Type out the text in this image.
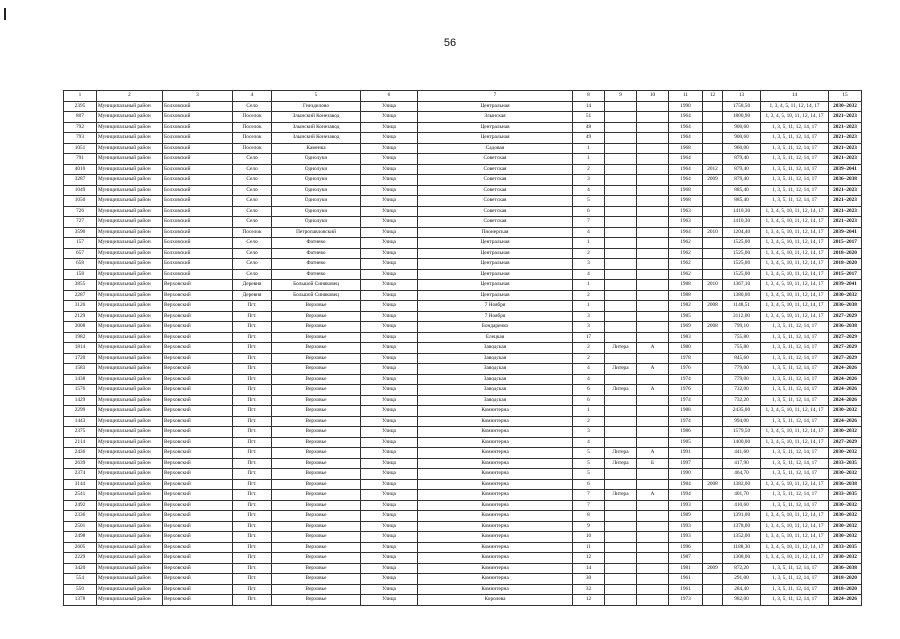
56
1	2	3	4	5	6	7	8	9	10	11	12	13	14	15
2395	Муниципальный район	Болховский	Село	Гнездилово	Улица	Центральная	14			1990		1758,50	1, 3, 4, 5, 11, 12, 14, 17	2030–2032
807	Муниципальный район	Болховский	Поселок	Злынский Конезавод	Улица	Злынская	51			1964		1800,90	1, 3, 4, 5, 10, 11, 12, 14, 17	2021–2023
792	Муниципальный район	Болховский	Поселок	Злынский Конезавод	Улица	Центральная	48			1964		900,60	1, 3, 5, 11, 12, 14, 17	2021–2023
793	Муниципальный район	Болховский	Поселок	Злынский Конезавод	Улица	Центральная	49			1964		900,60	1, 3, 5, 11, 12, 14, 17	2021–2023
1051	Муниципальный район	Болховский	Поселок	Каменка	Улица	Садовая	1			1968		960,00	1, 3, 5, 11, 12, 14, 17	2021–2023
791	Муниципальный район	Болховский	Село	Однолуки	Улица	Советская	1			1964		879,40	1, 3, 5, 11, 12, 14, 17	2021–2023
4010	Муниципальный район	Болховский	Село	Однолуки	Улица	Советская	2			1964	2012	879,40	1, 3, 5, 11, 12, 14, 17	2039–2041
3287	Муниципальный район	Болховский	Село	Однолуки	Улица	Советская	3			1964	2009	879,40	1, 3, 5, 11, 12, 14, 17	2036–2038
1049	Муниципальный район	Болховский	Село	Однолуки	Улица	Советская	4			1968		885,40	1, 3, 5, 11, 12, 14, 17	2021–2023
1050	Муниципальный район	Болховский	Село	Однолуки	Улица	Советская	5			1968		885,40	1, 3, 5, 11, 12, 14, 17	2021–2023
726	Муниципальный район	Болховский	Село	Однолуки	Улица	Советская	6			1963		1410,30	1, 3, 4, 5, 10, 11, 12, 14, 17	2021–2023
727	Муниципальный район	Болховский	Село	Однолуки	Улица	Советская	7			1963		1410,30	1, 3, 4, 5, 10, 11, 12, 14, 17	2021–2023
3590	Муниципальный район	Болховский	Поселок	Петропавловский	Улица	Пионерская	4			1964	2010	1204,40	1, 3, 4, 5, 10, 11, 12, 14, 17	2039–2041
157	Муниципальный район	Болховский	Село	Фатнево	Улица	Центральная	1			1962		1525,00	1, 3, 4, 5, 10, 11, 12, 14, 17	2015–2017
657	Муниципальный район	Болховский	Село	Фатнево	Улица	Центральная	2			1962		1525,00	1, 3, 4, 5, 10, 11, 12, 14, 17	2018–2020
658	Муниципальный район	Болховский	Село	Фатнево	Улица	Центральная	3			1962		1525,00	1, 3, 4, 5, 10, 11, 12, 14, 17	2018–2020
158	Муниципальный район	Болховский	Село	Фатнево	Улица	Центральная	4			1962		1525,00	1, 3, 4, 5, 10, 11, 12, 14, 17	2015–2017
3855	Муниципальный район	Верховский	Деревня	Большой Синяковец	Улица	Центральная	1			1988	2010	1367,10	1, 3, 4, 5, 10, 11, 12, 14, 17	2039–2041
2287	Муниципальный район	Верховский	Деревня	Большой Синяковец	Улица	Центральная	2			1988		1380,00	1, 3, 4, 5, 10, 11, 12, 14, 17	2030–2032
3126	Муниципальный район	Верховский	Пгт.	Верховье	Улица	7 Ноября	1			1982	2008	1148,51	1, 3, 4, 5, 10, 11, 12, 14, 17	2036–2038
2129	Муниципальный район	Верховский	Пгт.	Верховье	Улица	7 Ноября	3			1985		3112,00	1, 3, 4, 5, 10, 11, 12, 14, 17	2027–2029
3008	Муниципальный район	Верховский	Пгт.	Верховье	Улица	Бондаренко	3			1969	2008	799,10	1, 3, 5, 11, 12, 14, 17	2036–2038
1982	Муниципальный район	Верховский	Пгт.	Верховье	Улица	Елецкая	17			1983		755,80	1, 3, 5, 11, 12, 14, 17	2027–2029
1814	Муниципальный район	Верховский	Пгт.	Верховье	Улица	Заводская	2	Литера	А	1980		755,80	1, 3, 5, 11, 12, 14, 17	2027–2029
1720	Муниципальный район	Верховский	Пгт.	Верховье	Улица	Заводская	2			1978		845,60	1, 3, 5, 11, 12, 14, 17	2027–2029
1583	Муниципальный район	Верховский	Пгт.	Верховье	Улица	Заводская	4	Литера	А	1976		779,00	1, 3, 5, 11, 12, 14, 17	2024–2026
1438	Муниципальный район	Верховский	Пгт.	Верховье	Улица	Заводская	4			1974		779,00	1, 3, 5, 11, 12, 14, 17	2024–2026
1576	Муниципальный район	Верховский	Пгт.	Верховье	Улица	Заводская	6	Литера	А	1976		732,00	1, 3, 5, 11, 12, 14, 17	2024–2026
1429	Муниципальный район	Верховский	Пгт.	Верховье	Улица	Заводская	6			1974		732,20	1, 3, 5, 11, 12, 14, 17	2024–2026
2299	Муниципальный район	Верховский	Пгт.	Верховье	Улица	Коминтерна	1			1988		2435,00	1, 3, 4, 5, 10, 11, 12, 14, 17	2030–2032
1443	Муниципальный район	Верховский	Пгт.	Верховье	Улица	Коминтерна	2			1974		994,00	1, 3, 5, 11, 12, 14, 17	2024–2026
2375	Муниципальный район	Верховский	Пгт.	Верховье	Улица	Коминтерна	3			1986		1579,50	1, 3, 4, 5, 10, 11, 12, 14, 17	2030–2032
2114	Муниципальный район	Верховский	Пгт.	Верховье	Улица	Коминтерна	4			1985		1400,00	1, 3, 4, 5, 10, 11, 12, 14, 17	2027–2029
2436	Муниципальный район	Верховский	Пгт.	Верховье	Улица	Коминтерна	5	Литера	А	1991		441,60	1, 3, 5, 11, 12, 14, 17	2030–2032
2639	Муниципальный район	Верховский	Пгт.	Верховье	Улица	Коминтерна	5	Литера	Б	1997		417,90	1, 3, 5, 11, 12, 14, 17	2033–2035
2374	Муниципальный район	Верховский	Пгт.	Верховье	Улица	Коминтерна	5			1990		464,70	1, 3, 5, 11, 12, 14, 17	2030–2032
3144	Муниципальный район	Верховский	Пгт.	Верховье	Улица	Коминтерна	6			1984	2008	1382,00	1, 3, 4, 5, 10, 11, 12, 14, 17	2036–2038
2541	Муниципальный район	Верховский	Пгт.	Верховье	Улица	Коминтерна	7	Литера	А	1994		401,70	1, 3, 5, 11, 12, 14, 17	2033–2035
2492	Муниципальный район	Верховский	Пгт.	Верховье	Улица	Коминтерна	7			1993		410,60	1, 3, 5, 11, 12, 14, 17	2030–2032
2336	Муниципальный район	Верховский	Пгт.	Верховье	Улица	Коминтерна	8			1989		1391,00	1, 3, 4, 5, 10, 11, 12, 14, 17	2030–2032
2501	Муниципальный район	Верховский	Пгт.	Верховье	Улица	Коминтерна	9			1993		1378,00	1, 3, 4, 5, 10, 11, 12, 14, 17	2030–2032
2498	Муниципальный район	Верховский	Пгт.	Верховье	Улица	Коминтерна	10			1993		1352,00	1, 3, 4, 5, 10, 11, 12, 14, 17	2030–2032
2605	Муниципальный район	Верховский	Пгт.	Верховье	Улица	Коминтерна	11			1996		1188,30	1, 3, 4, 5, 10, 11, 12, 14, 17	2033–2035
2229	Муниципальный район	Верховский	Пгт.	Верховье	Улица	Коминтерна	12			1987		1308,00	1, 3, 4, 5, 10, 11, 12, 14, 17	2030–2032
3420	Муниципальный район	Верховский	Пгт.	Верховье	Улица	Коминтерна	14			1981	2009	872,20	1, 3, 5, 11, 12, 14, 17	2036–2038
554	Муниципальный район	Верховский	Пгт.	Верховье	Улица	Коминтерна	30			1961		291,00	1, 3, 5, 11, 12, 14, 17	2018–2020
550	Муниципальный район	Верховский	Пгт.	Верховье	Улица	Коминтерна	32			1961		284,40	1, 3, 5, 11, 12, 14, 17	2018–2020
1378	Муниципальный район	Верховский	Пгт.	Верховье	Улица	Королева	12			1973		982,00	1, 3, 5, 11, 12, 14, 17	2024–2026
